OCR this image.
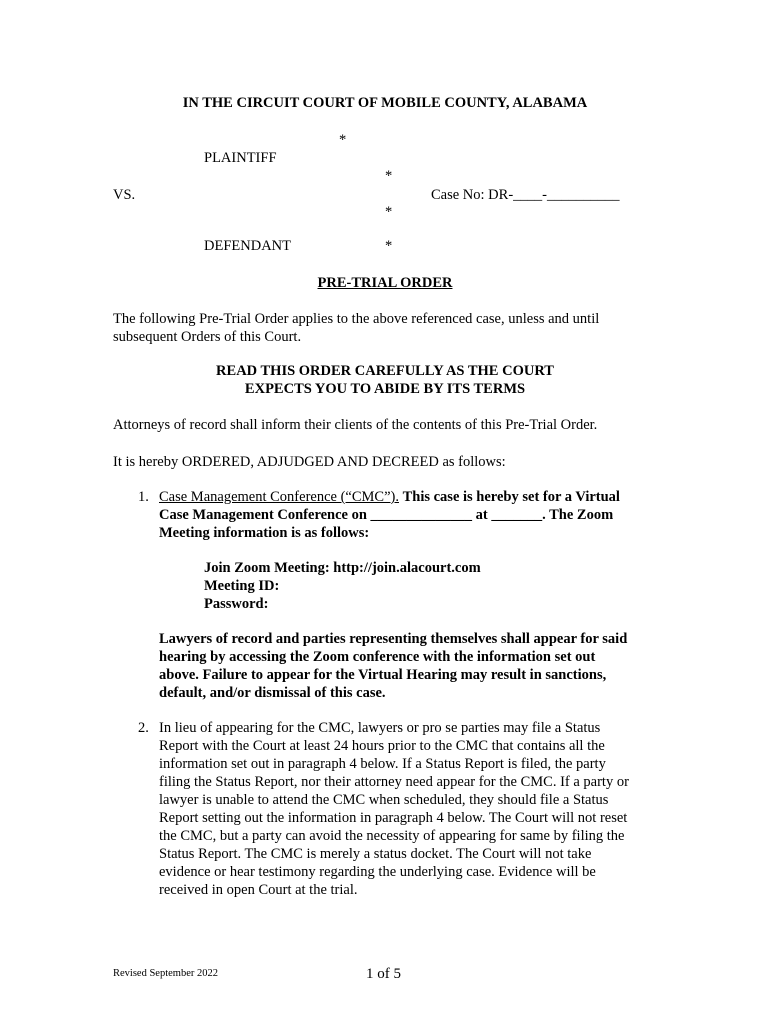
IN THE CIRCUIT COURT OF MOBILE COUNTY, ALABAMA
*
PLAINTIFF
*
VS.	Case No: DR-____-__________
*
DEFENDANT	*
PRE-TRIAL ORDER
The following Pre-Trial Order applies to the above referenced case, unless and until
subsequent Orders of this Court.
READ THIS ORDER CAREFULLY AS THE COURT
EXPECTS YOU TO ABIDE BY ITS TERMS
Attorneys of record shall inform their clients of the contents of this Pre-Trial Order.
It is hereby ORDERED, ADJUDGED AND DECREED as follows:
1. Case Management Conference (“CMC”). This case is hereby set for a Virtual
Case Management Conference on ______________ at _______. The Zoom
Meeting information is as follows:
Join Zoom Meeting: http://join.alacourt.com
Meeting ID:
Password:
Lawyers of record and parties representing themselves shall appear for said
hearing by accessing the Zoom conference with the information set out
above. Failure to appear for the Virtual Hearing may result in sanctions,
default, and/or dismissal of this case.
2. In lieu of appearing for the CMC, lawyers or pro se parties may file a Status
Report with the Court at least 24 hours prior to the CMC that contains all the
information set out in paragraph 4 below. If a Status Report is filed, the party
filing the Status Report, nor their attorney need appear for the CMC. If a party or
lawyer is unable to attend the CMC when scheduled, they should file a Status
Report setting out the information in paragraph 4 below. The Court will not reset
the CMC, but a party can avoid the necessity of appearing for same by filing the
Status Report. The CMC is merely a status docket. The Court will not take
evidence or hear testimony regarding the underlying case. Evidence will be
received in open Court at the trial.
Revised September 2022	1 of 5
